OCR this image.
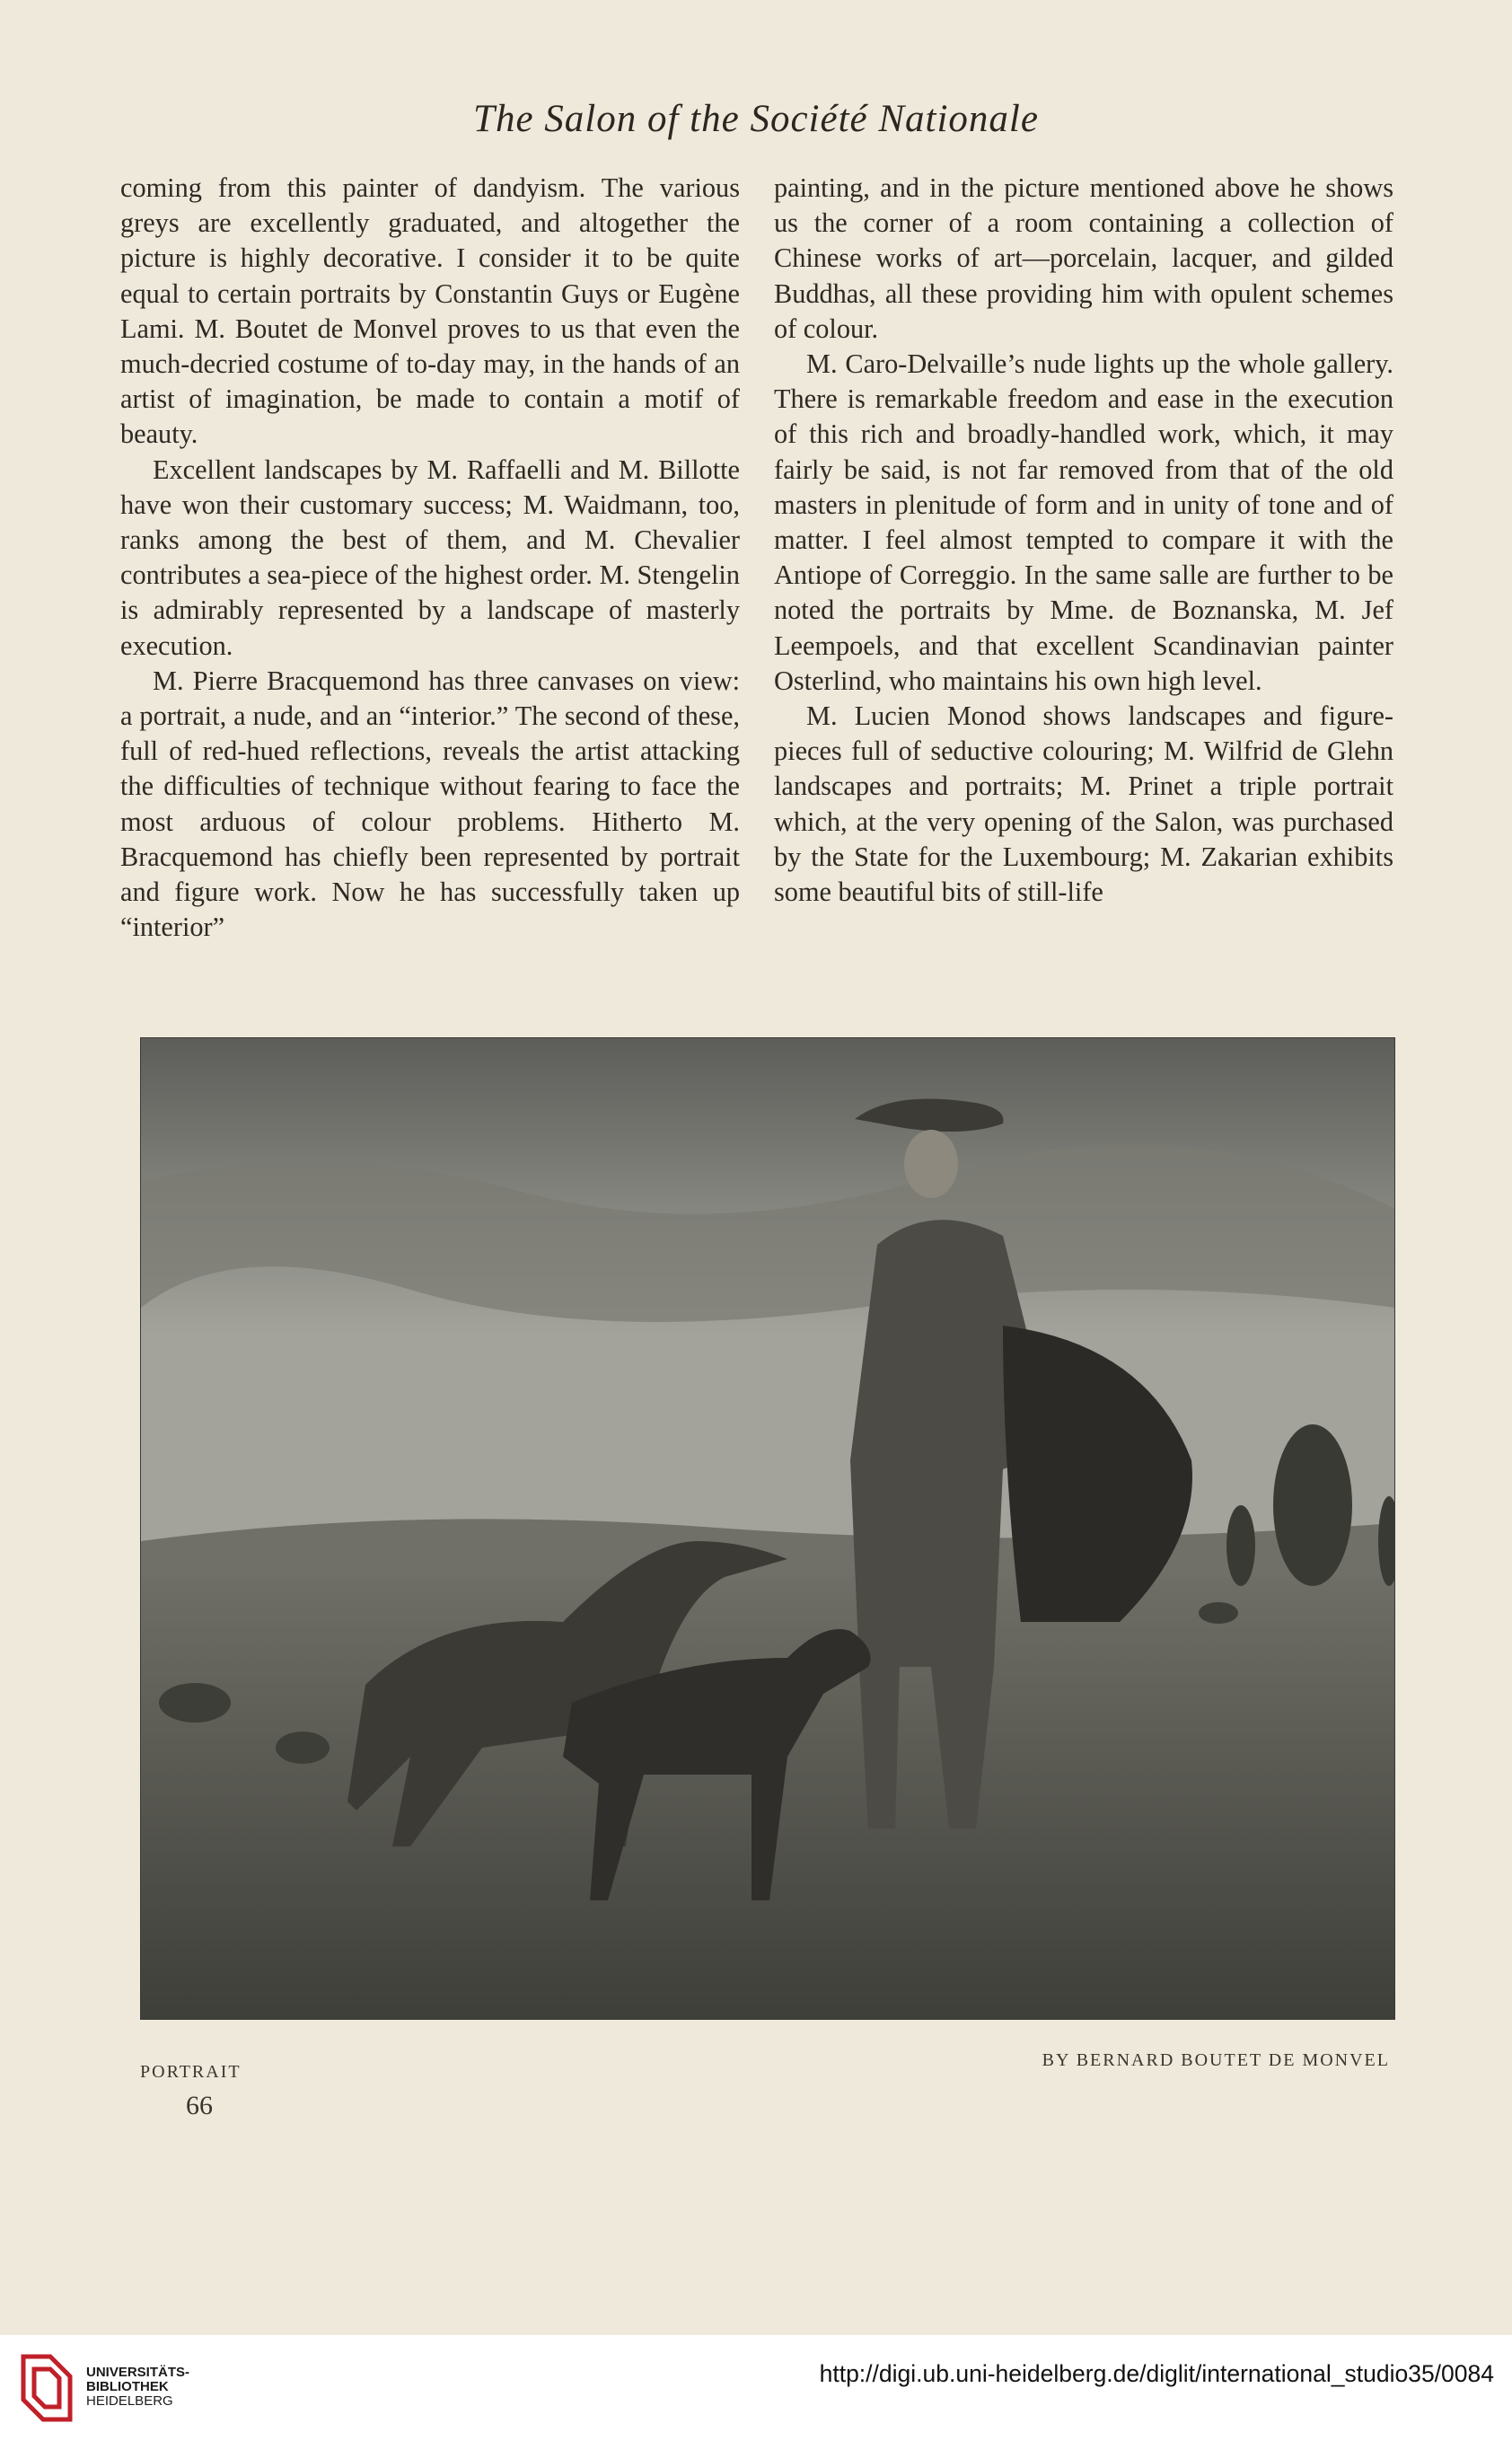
The Salon of the Société Nationale

coming from this painter of dandyism. The various greys are excellently graduated, and altogether the picture is highly decorative. I consider it to be quite equal to certain portraits by Constantin Guys or Eugène Lami. M. Boutet de Monvel proves to us that even the much-decried costume of to-day may, in the hands of an artist of imagination, be made to contain a motif of beauty.

Excellent landscapes by M. Raffaelli and M. Billotte have won their customary success; M. Waidmann, too, ranks among the best of them, and M. Chevalier contributes a sea-piece of the highest order. M. Stengelin is admirably represented by a landscape of masterly execution.

M. Pierre Bracquemond has three canvases on view: a portrait, a nude, and an “interior.” The second of these, full of red-hued reflections, reveals the artist attacking the difficulties of technique without fearing to face the most arduous of colour problems. Hitherto M. Bracquemond has chiefly been represented by portrait and figure work. Now he has successfully taken up “interior”

painting, and in the picture mentioned above he shows us the corner of a room containing a collection of Chinese works of art—porcelain, lacquer, and gilded Buddhas, all these providing him with opulent schemes of colour.

M. Caro-Delvaille’s nude lights up the whole gallery. There is remarkable freedom and ease in the execution of this rich and broadly-handled work, which, it may fairly be said, is not far removed from that of the old masters in plenitude of form and in unity of tone and of matter. I feel almost tempted to compare it with the Antiope of Correggio. In the same salle are further to be noted the portraits by Mme. de Boznanska, M. Jef Leempoels, and that excellent Scandinavian painter Osterlind, who maintains his own high level.

M. Lucien Monod shows landscapes and figure-pieces full of seductive colouring; M. Wilfrid de Glehn landscapes and portraits; M. Prinet a triple portrait which, at the very opening of the Salon, was purchased by the State for the Luxembourg; M. Zakarian exhibits some beautiful bits of still-life

PORTRAIT
BY BERNARD BOUTET DE MONVEL
66
UNIVERSITÄTS-
BIBLIOTHEK
HEIDELBERG
http://digi.ub.uni-heidelberg.de/diglit/international_studio35/0084
